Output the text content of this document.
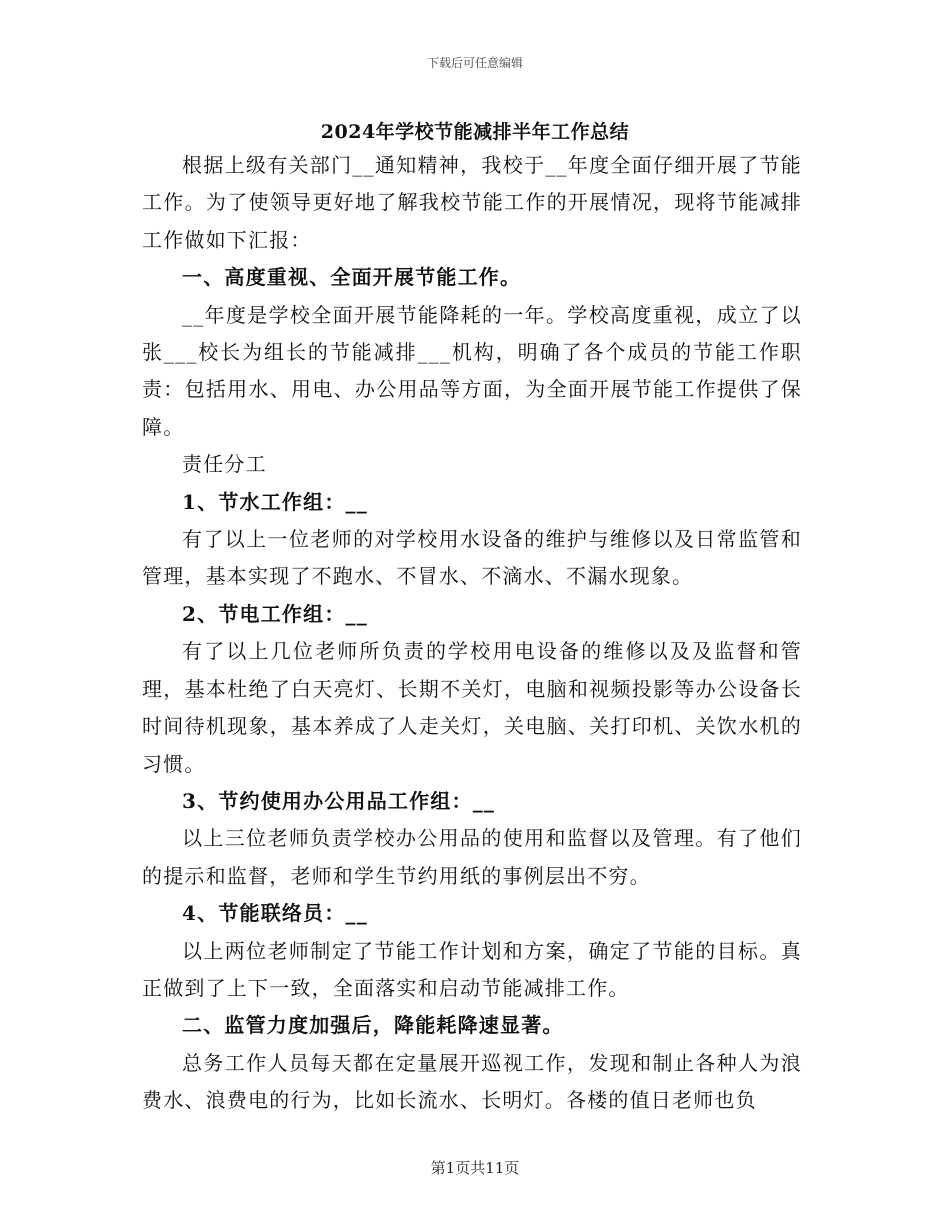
下载后可任意编辑
2024年学校节能减排半年工作总结

根据上级有关部门__通知精神，我校于__年度全面仔细开展了节能工作。为了使领导更好地了解我校节能工作的开展情况，现将节能减排工作做如下汇报：

一、高度重视、全面开展节能工作。

__年度是学校全面开展节能降耗的一年。学校高度重视，成立了以张___校长为组长的节能减排___机构，明确了各个成员的节能工作职责：包括用水、用电、办公用品等方面，为全面开展节能工作提供了保障。

责任分工

1、节水工作组：__

有了以上一位老师的对学校用水设备的维护与维修以及日常监管和管理，基本实现了不跑水、不冒水、不滴水、不漏水现象。

2、节电工作组：__

有了以上几位老师所负责的学校用电设备的维修以及及监督和管理，基本杜绝了白天亮灯、长期不关灯，电脑和视频投影等办公设备长时间待机现象，基本养成了人走关灯，关电脑、关打印机、关饮水机的习惯。

3、节约使用办公用品工作组：__

以上三位老师负责学校办公用品的使用和监督以及管理。有了他们的提示和监督，老师和学生节约用纸的事例层出不穷。

4、节能联络员：__

以上两位老师制定了节能工作计划和方案，确定了节能的目标。真正做到了上下一致，全面落实和启动节能减排工作。

二、监管力度加强后，降能耗降速显著。

总务工作人员每天都在定量展开巡视工作，发现和制止各种人为浪费水、浪费电的行为，比如长流水、长明灯。各楼的值日老师也负

第1页共11页
